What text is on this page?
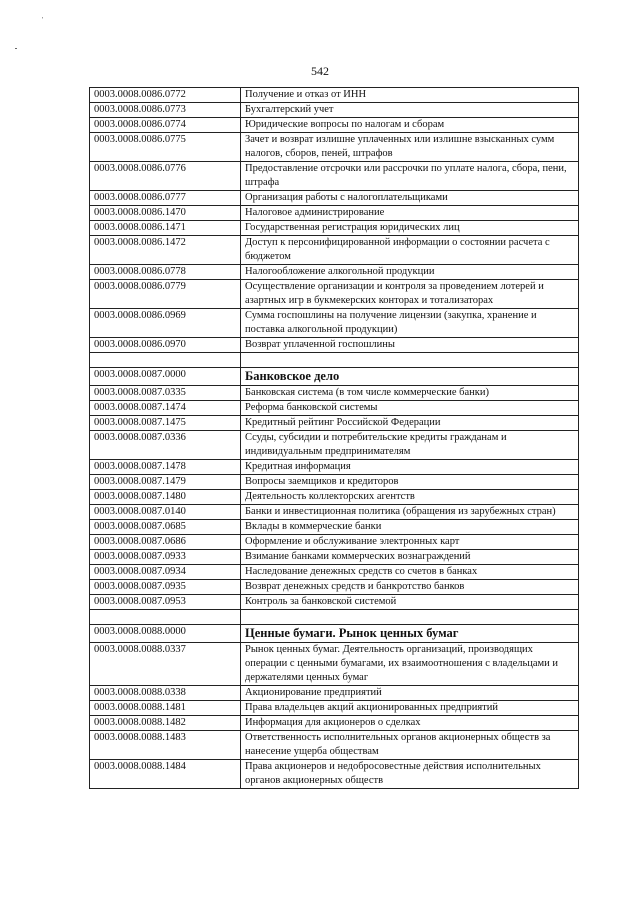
'
542
0003.0008.0086.0772	Получение и отказ от ИНН
0003.0008.0086.0773	Бухгалтерский учет
0003.0008.0086.0774	Юридические вопросы по налогам и сборам
0003.0008.0086.0775	Зачет и возврат излишне уплаченных или излишне взысканных сумм налогов, сборов, пеней, штрафов
0003.0008.0086.0776	Предоставление отсрочки или рассрочки по уплате налога, сбора, пени, штрафа
0003.0008.0086.0777	Организация работы с налогоплательщиками
0003.0008.0086.1470	Налоговое администрирование
0003.0008.0086.1471	Государственная регистрация юридических лиц
0003.0008.0086.1472	Доступ к персонифицированной информации о состоянии расчета с бюджетом
0003.0008.0086.0778	Налогообложение алкогольной продукции
0003.0008.0086.0779	Осуществление организации и контроля за проведением лотерей и азартных игр в букмекерских конторах и тотализаторах
0003.0008.0086.0969	Сумма госпошлины на получение лицензии (закупка, хранение и поставка алкогольной продукции)
0003.0008.0086.0970	Возврат уплаченной госпошлины

0003.0008.0087.0000	Банковское дело
0003.0008.0087.0335	Банковская система (в том числе коммерческие банки)
0003.0008.0087.1474	Реформа банковской системы
0003.0008.0087.1475	Кредитный рейтинг Российской Федерации
0003.0008.0087.0336	Ссуды, субсидии и потребительские кредиты гражданам и индивидуальным предпринимателям
0003.0008.0087.1478	Кредитная информация
0003.0008.0087.1479	Вопросы заемщиков и кредиторов
0003.0008.0087.1480	Деятельность коллекторских агентств
0003.0008.0087.0140	Банки и инвестиционная политика (обращения из зарубежных стран)
0003.0008.0087.0685	Вклады в коммерческие банки
0003.0008.0087.0686	Оформление и обслуживание электронных карт
0003.0008.0087.0933	Взимание банками коммерческих вознаграждений
0003.0008.0087.0934	Наследование денежных средств со счетов в банках
0003.0008.0087.0935	Возврат денежных средств и банкротство банков
0003.0008.0087.0953	Контроль за банковской системой

0003.0008.0088.0000	Ценные бумаги. Рынок ценных бумаг
0003.0008.0088.0337	Рынок ценных бумаг. Деятельность организаций, производящих операции с ценными бумагами, их взаимоотношения с владельцами и держателями ценных бумаг
0003.0008.0088.0338	Акционирование предприятий
0003.0008.0088.1481	Права владельцев акций акционированных предприятий
0003.0008.0088.1482	Информация для акционеров о сделках
0003.0008.0088.1483	Ответственность исполнительных органов акционерных обществ за нанесение ущерба обществам
0003.0008.0088.1484	Права акционеров и недобросовестные действия исполнительных органов акционерных обществ
